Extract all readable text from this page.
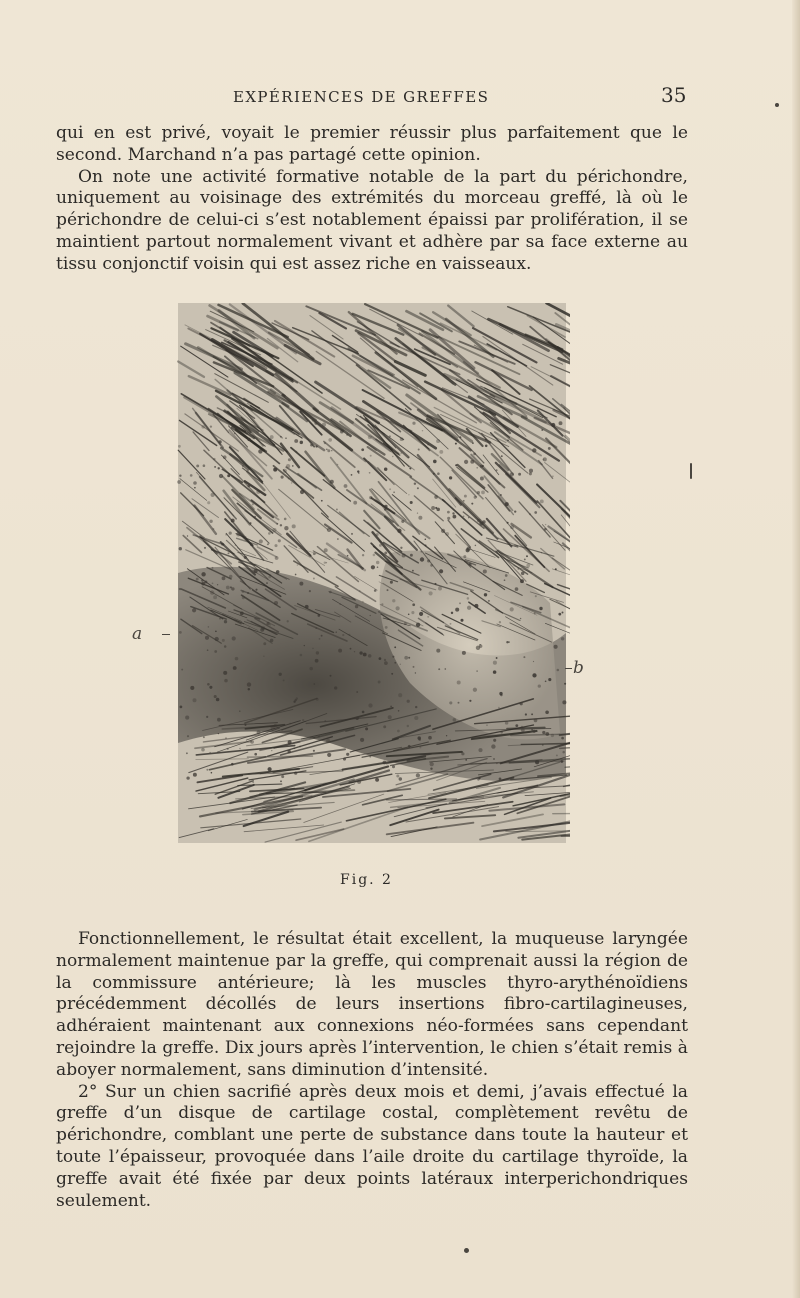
EXPÉRIENCES DE GREFFES	35

qui en est privé, voyait le premier réussir plus parfaitement que le second. Marchand n’a pas partagé cette opinion.

On note une activité formative notable de la part du périchondre, uniquement au voisinage des extrémités du morceau greffé, là où le périchondre de celui-ci s’est notablement épaissi par prolifération, il se maintient partout normalement vivant et adhère par sa face externe au tissu conjonctif voisin qui est assez riche en vaisseaux.

a
b
Fig. 2

Fonctionnellement, le résultat était excellent, la muqueuse laryngée normalement maintenue par la greffe, qui comprenait aussi la région de la commissure antérieure; là les muscles thyro-arythénoïdiens précédemment décollés de leurs insertions fibro-cartilagineuses, adhéraient maintenant aux connexions néo-formées sans cependant rejoindre la greffe. Dix jours après l’intervention, le chien s’était remis à aboyer normalement, sans diminution d’intensité.

2° Sur un chien sacrifié après deux mois et demi, j’avais effectué la greffe d’un disque de cartilage costal, complètement revêtu de périchondre, comblant une perte de substance dans toute la hauteur et toute l’épaisseur, provoquée dans l’aile droite du cartilage thyroïde, la greffe avait été fixée par deux points latéraux interperichondriques seulement.
